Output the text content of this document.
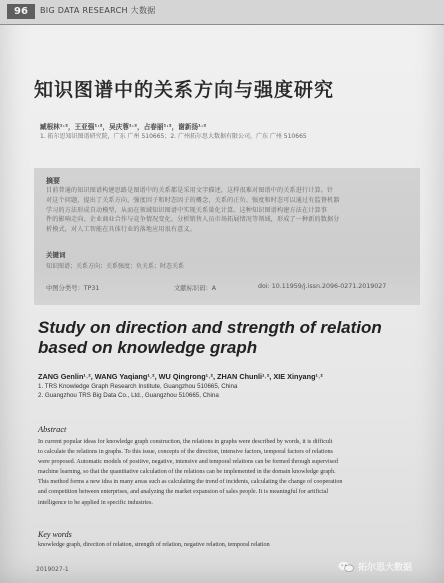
96	BIG DATA RESEARCH 大数据
知识图谱中的关系方向与强度研究
臧根林¹˒²，王亚强¹˒²，吴庆蓉¹˒²，占春丽¹˒²，谢新扬¹˒²
1. 拓尔思知识图谱研究院，广东 广州 510665；2. 广州拓尔思大数据有限公司，广东 广州 510665
摘要
目前普通的知识图谱构建思路是图谱中的关系都是采用文字描述，这样很难对图谱中的关系进行计算。针
对这个问题，提出了关系方向、强度因子和时态因子的概念，关系的正负、强度和时态可以通过有监督机器
学习的方法形成自动模型，从而在领域知识图谱中实现关系量化计算。这种知识图谱构建方法在计算事
件的影响走向、企业商业合作与竞争情况变化、分析销售人员市场拓展情况等领域，形成了一种新的数据分
析模式，对人工智能在具体行业的落地应用很有意义。
关键词
知识图谱；关系方向；关系强度；负关系；时态关系
中图分类号：TP31	文献标识码：A	doi: 10.11959/j.issn.2096-0271.2019027
Study on direction and strength of relation based on knowledge graph
ZANG Genlin¹˒², WANG Yaqiang¹˒², WU Qingrong¹˒², ZHAN Chunli¹˒², XIE Xinyang¹˒²
1. TRS Knowledge Graph Research Institute, Guangzhou 510665, China
2. Guangzhou TRS Big Data Co., Ltd., Guangzhou 510665, China
Abstract
In current popular ideas for knowledge graph construction, the relations in graphs were described by words, it is difficult
to calculate the relations in graphs. To this issue, concepts of the direction, intensive factors, temporal factors of relations
were proposed. Automatic models of positive, negative, intensive and temporal relations can be formed through supervised
machine learning, so that the quantitative calculation of the relations can be implemented in the domain knowledge graph.
This method forms a new idea in many areas such as calculating the trend of incidents, calculating the change of cooperation
and competition between enterprises, and analyzing the market expansion of sales people. It is meaningful for artificial
intelligence to be applied in specific industries.
Key words
knowledge graph, direction of relation, strength of relation, negative relation, temporal relation
2019027-1	拓尔思大数据
